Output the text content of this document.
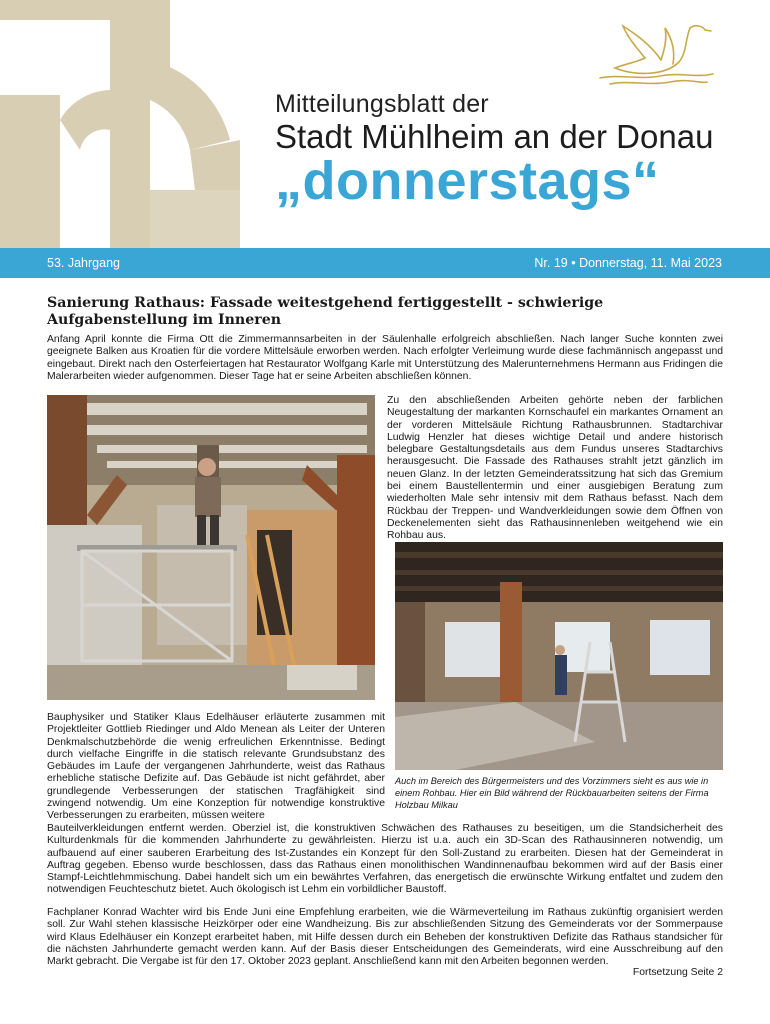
Mitteilungsblatt der
Stadt Mühlheim an der Donau
„donnerstags“
53. Jahrgang	Nr. 19 • Donnerstag, 11. Mai 2023
Sanierung Rathaus: Fassade weitestgehend fertiggestellt - schwierige Aufgabenstellung im Inneren

Anfang April konnte die Firma Ott die Zimmermannsarbeiten in der Säulenhalle erfolgreich abschließen. Nach langer Suche konnten zwei geeignete Balken aus Kroatien für die vordere Mittelsäule erworben werden. Nach erfolgter Verleimung wurde diese fachmännisch angepasst und eingebaut. Direkt nach den Osterfeiertagen hat Restaurator Wolfgang Karle mit Unterstützung des Malerunternehmens Hermann aus Fridingen die Malerarbeiten wieder aufgenommen. Dieser Tage hat er seine Arbeiten abschließen können.

Zu den abschließenden Arbeiten gehörte neben der farblichen Neugestaltung der markanten Kornschaufel ein markantes Ornament an der vorderen Mittelsäule Richtung Rathausbrunnen. Stadtarchivar Ludwig Henzler hat dieses wichtige Detail und andere historisch belegbare Gestaltungsdetails aus dem Fundus unseres Stadtarchivs herausgesucht. Die Fassade des Rathauses strahlt jetzt gänzlich im neuen Glanz. In der letzten Gemeinderatssitzung hat sich das Gremium bei einem Baustellentermin und einer ausgiebigen Beratung zum wiederholten Male sehr intensiv mit dem Rathaus befasst. Nach dem Rückbau der Treppen- und Wandverkleidungen sowie dem Öffnen von Deckenelementen sieht das Rathausinnenleben weitgehend wie ein Rohbau aus.

Auch im Bereich des Bürgermeisters und des Vorzimmers sieht es aus wie in einem Rohbau. Hier ein Bild während der Rückbauarbeiten seitens der Firma Holzbau Milkau

Bauphysiker und Statiker Klaus Edelhäuser erläuterte zusammen mit Projektleiter Gottlieb Riedinger und Aldo Menean als Leiter der Unteren Denkmalschutzbehörde die wenig erfreulichen Erkenntnisse. Bedingt durch vielfache Eingriffe in die statisch relevante Grundsubstanz des Gebäudes im Laufe der vergangenen Jahrhunderte, weist das Rathaus erhebliche statische Defizite auf. Das Gebäude ist nicht gefährdet, aber grundlegende Verbesserungen der statischen Tragfähigkeit sind zwingend notwendig. Um eine Konzeption für notwendige konstruktive Verbesserungen zu erarbeiten, müssen weitere

Bauteilverkleidungen entfernt werden. Oberziel ist, die konstruktiven Schwächen des Rathauses zu beseitigen, um die Standsicherheit des Kulturdenkmals für die kommenden Jahrhunderte zu gewährleisten. Hierzu ist u.a. auch ein 3D-Scan des Rathausinneren notwendig, um aufbauend auf einer sauberen Erarbeitung des Ist-Zustandes ein Konzept für den Soll-Zustand zu erarbeiten. Diesen hat der Gemeinderat in Auftrag gegeben. Ebenso wurde beschlossen, dass das Rathaus einen monolithischen Wandinnenaufbau bekommen wird auf der Basis einer Stampf-Leichtlehmmischung. Dabei handelt sich um ein bewährtes Verfahren, das energetisch die erwünschte Wirkung entfaltet und zudem den notwendigen Feuchteschutz bietet. Auch ökologisch ist Lehm ein vorbildlicher Baustoff.

Fachplaner Konrad Wachter wird bis Ende Juni eine Empfehlung erarbeiten, wie die Wärmeverteilung im Rathaus zukünftig organisiert werden soll. Zur Wahl stehen klassische Heizkörper oder eine Wandheizung. Bis zur abschließenden Sitzung des Gemeinderats vor der Sommerpause wird Klaus Edelhäuser ein Konzept erarbeitet haben, mit Hilfe dessen durch ein Beheben der konstruktiven Defizite das Rathaus standsicher für die nächsten Jahrhunderte gemacht werden kann. Auf der Basis dieser Entscheidungen des Gemeinderats, wird eine Ausschreibung auf den Markt gebracht. Die Vergabe ist für den 17. Oktober 2023 geplant. Anschließend kann mit den Arbeiten begonnen werden.

Fortsetzung Seite 2
